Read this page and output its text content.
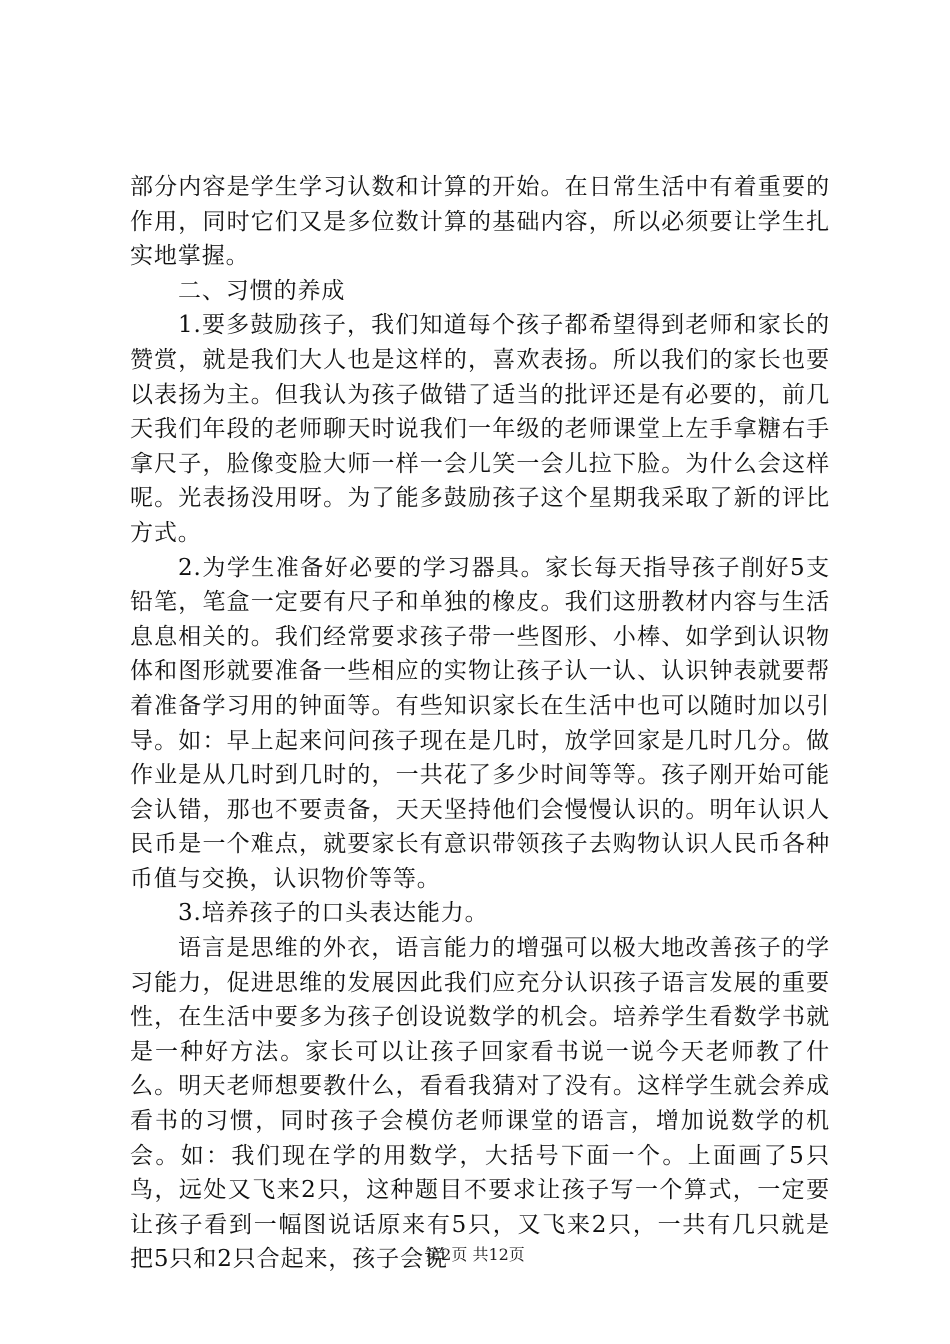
部分内容是学生学习认数和计算的开始。在日常生活中有着重要的作用，同时它们又是多位数计算的基础内容，所以必须要让学生扎实地掌握。

二、习惯的养成

1.要多鼓励孩子，我们知道每个孩子都希望得到老师和家长的赞赏，就是我们大人也是这样的，喜欢表扬。所以我们的家长也要以表扬为主。但我认为孩子做错了适当的批评还是有必要的，前几天我们年段的老师聊天时说我们一年级的老师课堂上左手拿糖右手拿尺子，脸像变脸大师一样一会儿笑一会儿拉下脸。为什么会这样呢。光表扬没用呀。为了能多鼓励孩子这个星期我采取了新的评比方式。

2.为学生准备好必要的学习器具。家长每天指导孩子削好5支铅笔，笔盒一定要有尺子和单独的橡皮。我们这册教材内容与生活息息相关的。我们经常要求孩子带一些图形、小棒、如学到认识物体和图形就要准备一些相应的实物让孩子认一认、认识钟表就要帮着准备学习用的钟面等。有些知识家长在生活中也可以随时加以引导。如：早上起来问问孩子现在是几时，放学回家是几时几分。做作业是从几时到几时的，一共花了多少时间等等。孩子刚开始可能会认错，那也不要责备，天天坚持他们会慢慢认识的。明年认识人民币是一个难点，就要家长有意识带领孩子去购物认识人民币各种币值与交换，认识物价等等。

3.培养孩子的口头表达能力。

语言是思维的外衣，语言能力的增强可以极大地改善孩子的学习能力，促进思维的发展因此我们应充分认识孩子语言发展的重要性，在生活中要多为孩子创设说数学的机会。培养学生看数学书就是一种好方法。家长可以让孩子回家看书说一说今天老师教了什么。明天老师想要教什么，看看我猜对了没有。这样学生就会养成看书的习惯，同时孩子会模仿老师课堂的语言，增加说数学的机会。如：我们现在学的用数学，大括号下面一个。上面画了5只鸟，远处又飞来2只，这种题目不要求让孩子写一个算式，一定要让孩子看到一幅图说话原来有5只，又飞来2只，一共有几只就是把5只和2只合起来，孩子会说

第2页 共12页
